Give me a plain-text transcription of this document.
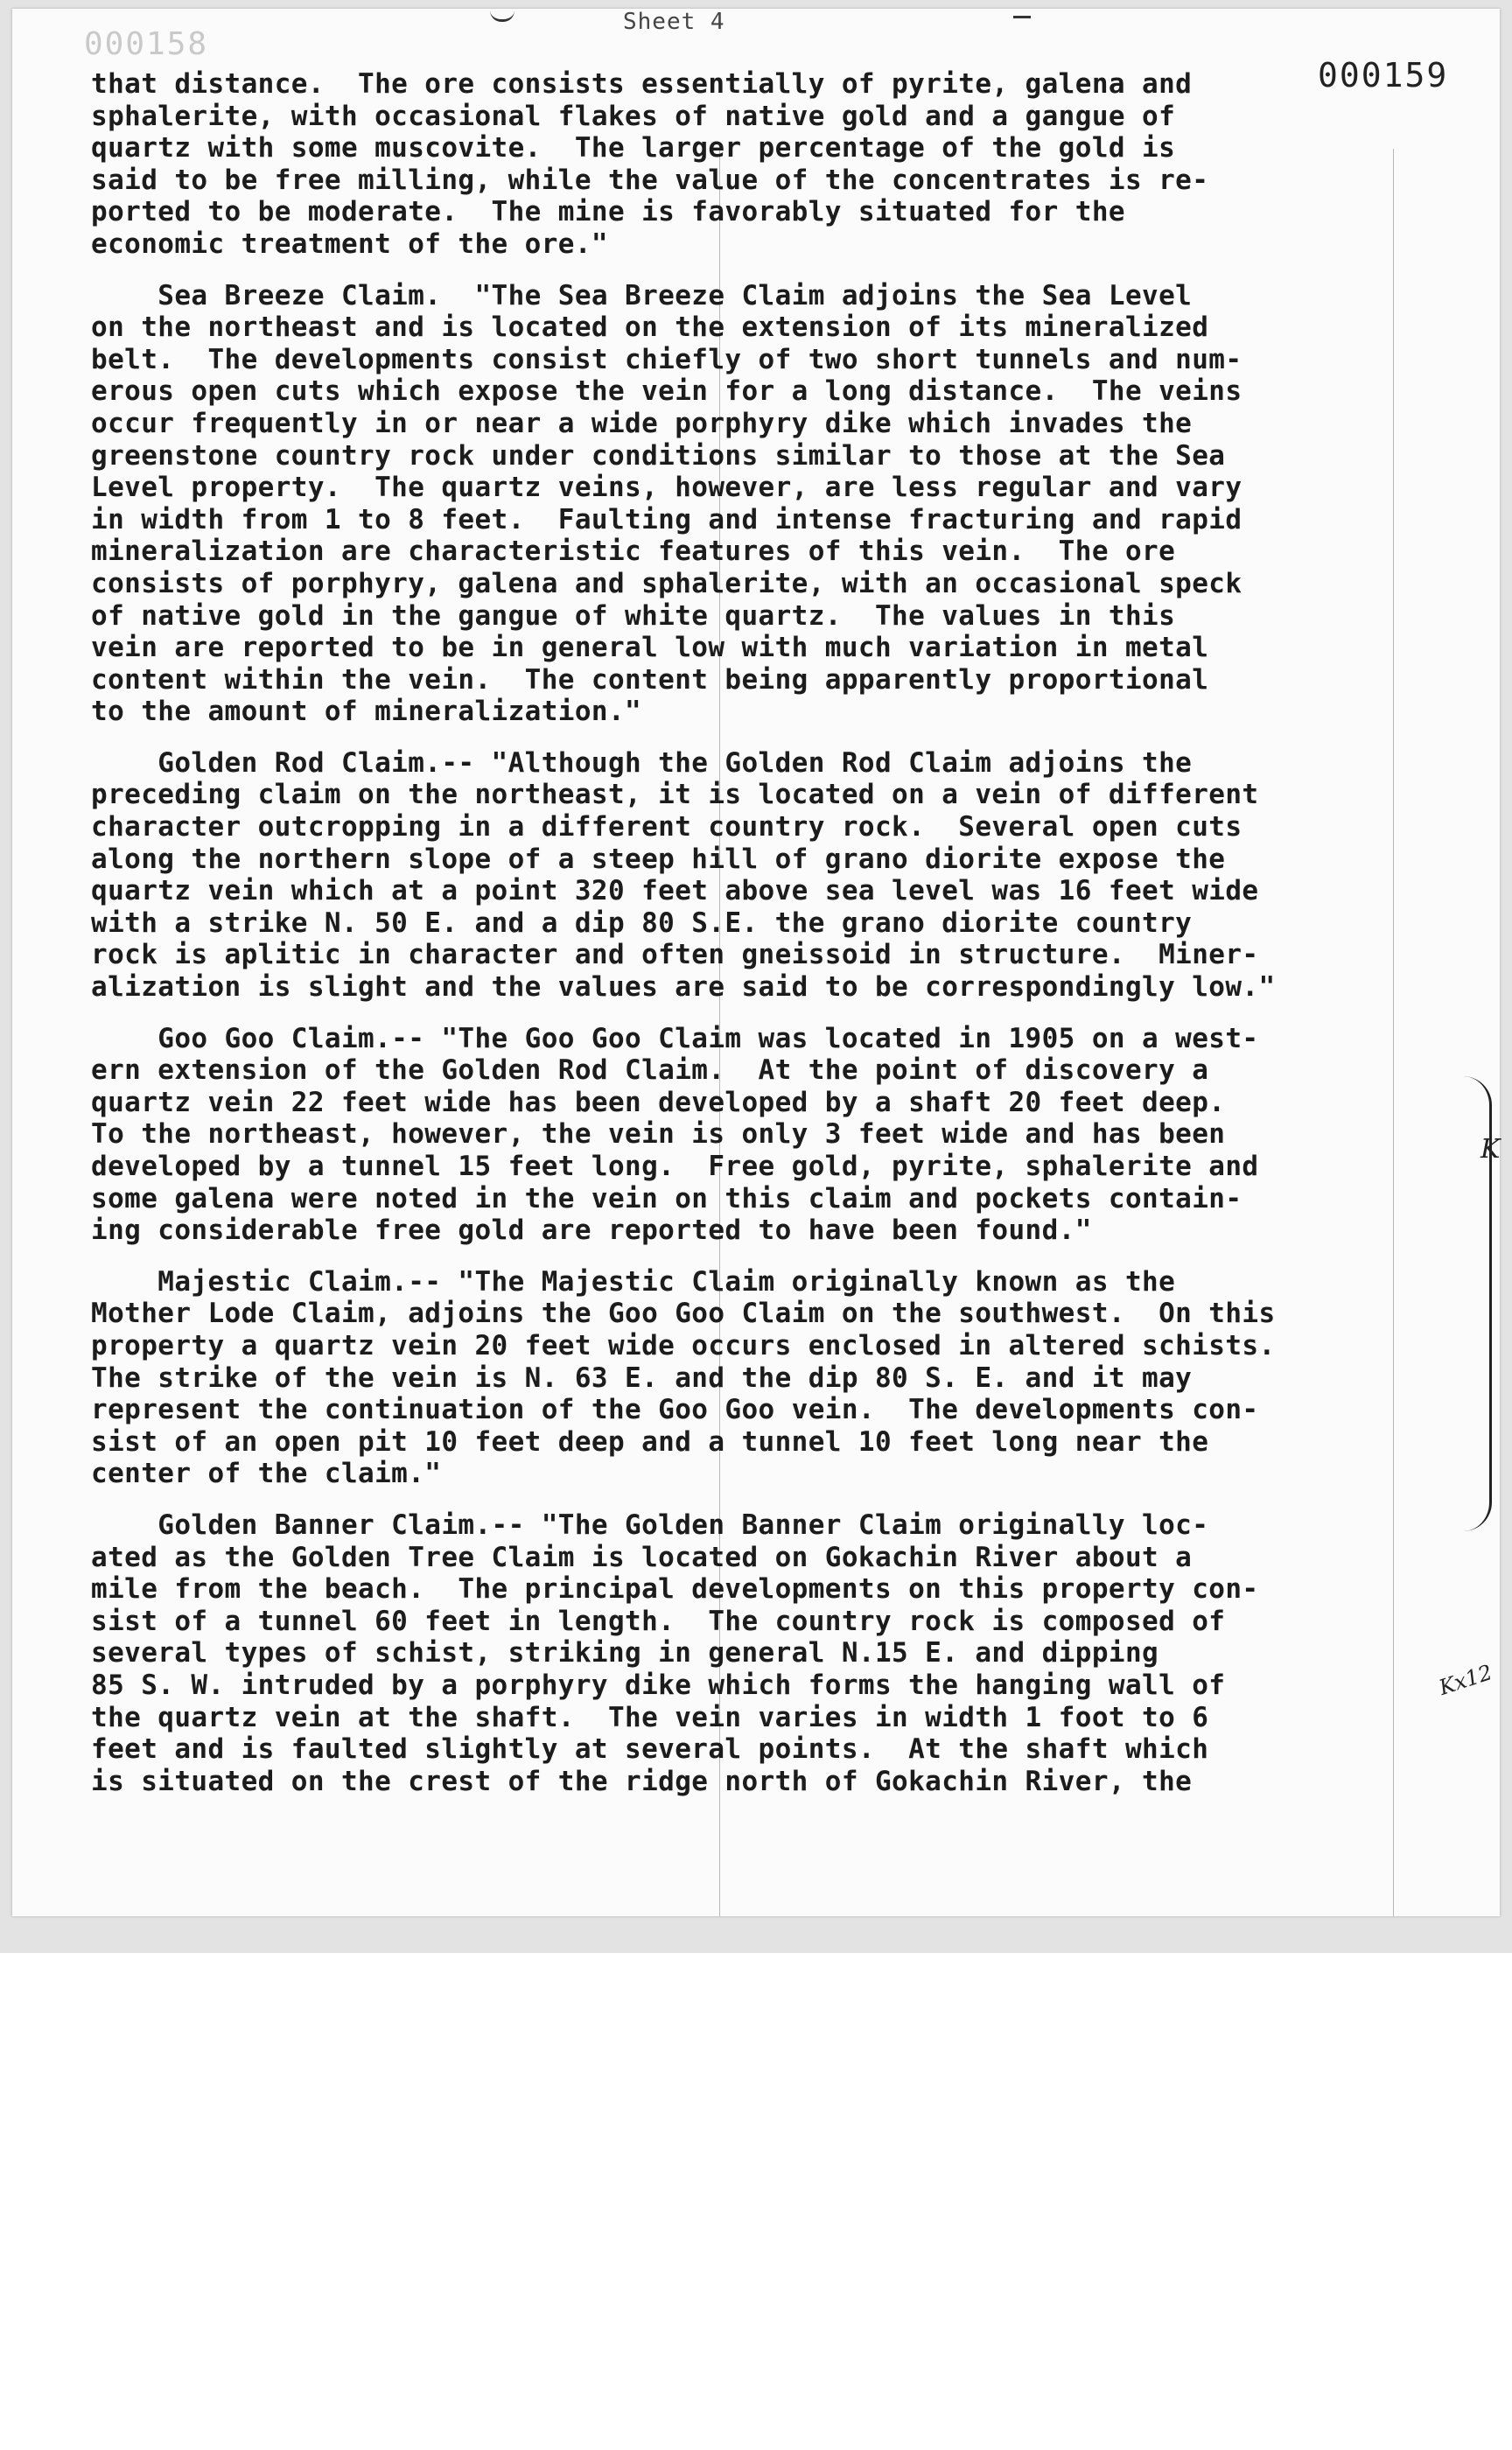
Sheet 4
000158
000159
that distance.  The ore consists essentially of pyrite, galena and
sphalerite, with occasional flakes of native gold and a gangue of
quartz with some muscovite.  The larger percentage of the gold is
said to be free milling, while the value of the concentrates is re-
ported to be moderate.  The mine is favorably situated for the
economic treatment of the ore."
Sea Breeze Claim.  "The Sea Breeze Claim adjoins the Sea Level
on the northeast and is located on the extension of its mineralized
belt.  The developments consist chiefly of two short tunnels and num-
erous open cuts which expose the vein for a long distance.  The veins
occur frequently in or near a wide porphyry dike which invades the
greenstone country rock under conditions similar to those at the Sea
Level property.  The quartz veins, however, are less regular and vary
in width from 1 to 8 feet.  Faulting and intense fracturing and rapid
mineralization are characteristic features of this vein.  The ore
consists of porphyry, galena and sphalerite, with an occasional speck
of native gold in the gangue of white quartz.  The values in this
vein are reported to be in general low with much variation in metal
content within the vein.  The content being apparently proportional
to the amount of mineralization."
Golden Rod Claim.-- "Although the Golden Rod Claim adjoins the
preceding claim on the northeast, it is located on a vein of different
character outcropping in a different country rock.  Several open cuts
along the northern slope of a steep hill of grano diorite expose the
quartz vein which at a point 320 feet above sea level was 16 feet wide
with a strike N. 50 E. and a dip 80 S.E. the grano diorite country
rock is aplitic in character and often gneissoid in structure.  Miner-
alization is slight and the values are said to be correspondingly low."
Goo Goo Claim.-- "The Goo Goo Claim was located in 1905 on a west-
ern extension of the Golden Rod Claim.  At the point of discovery a
quartz vein 22 feet wide has been developed by a shaft 20 feet deep.
To the northeast, however, the vein is only 3 feet wide and has been
developed by a tunnel 15 feet long.  Free gold, pyrite, sphalerite and
some galena were noted in the vein on this claim and pockets contain-
ing considerable free gold are reported to have been found."
Majestic Claim.-- "The Majestic Claim originally known as the
Mother Lode Claim, adjoins the Goo Goo Claim on the southwest.  On this
property a quartz vein 20 feet wide occurs enclosed in altered schists.
The strike of the vein is N. 63 E. and the dip 80 S. E. and it may
represent the continuation of the Goo Goo vein.  The developments con-
sist of an open pit 10 feet deep and a tunnel 10 feet long near the
center of the claim."
Golden Banner Claim.-- "The Golden Banner Claim originally loc-
ated as the Golden Tree Claim is located on Gokachin River about a
mile from the beach.  The principal developments on this property con-
sist of a tunnel 60 feet in length.  The country rock is composed of
several types of schist, striking in general N.15 E. and dipping
85 S. W. intruded by a porphyry dike which forms the hanging wall of
the quartz vein at the shaft.  The vein varies in width 1 foot to 6
feet and is faulted slightly at several points.  At the shaft which
is situated on the crest of the ridge north of Gokachin River, the
K
Kx12
